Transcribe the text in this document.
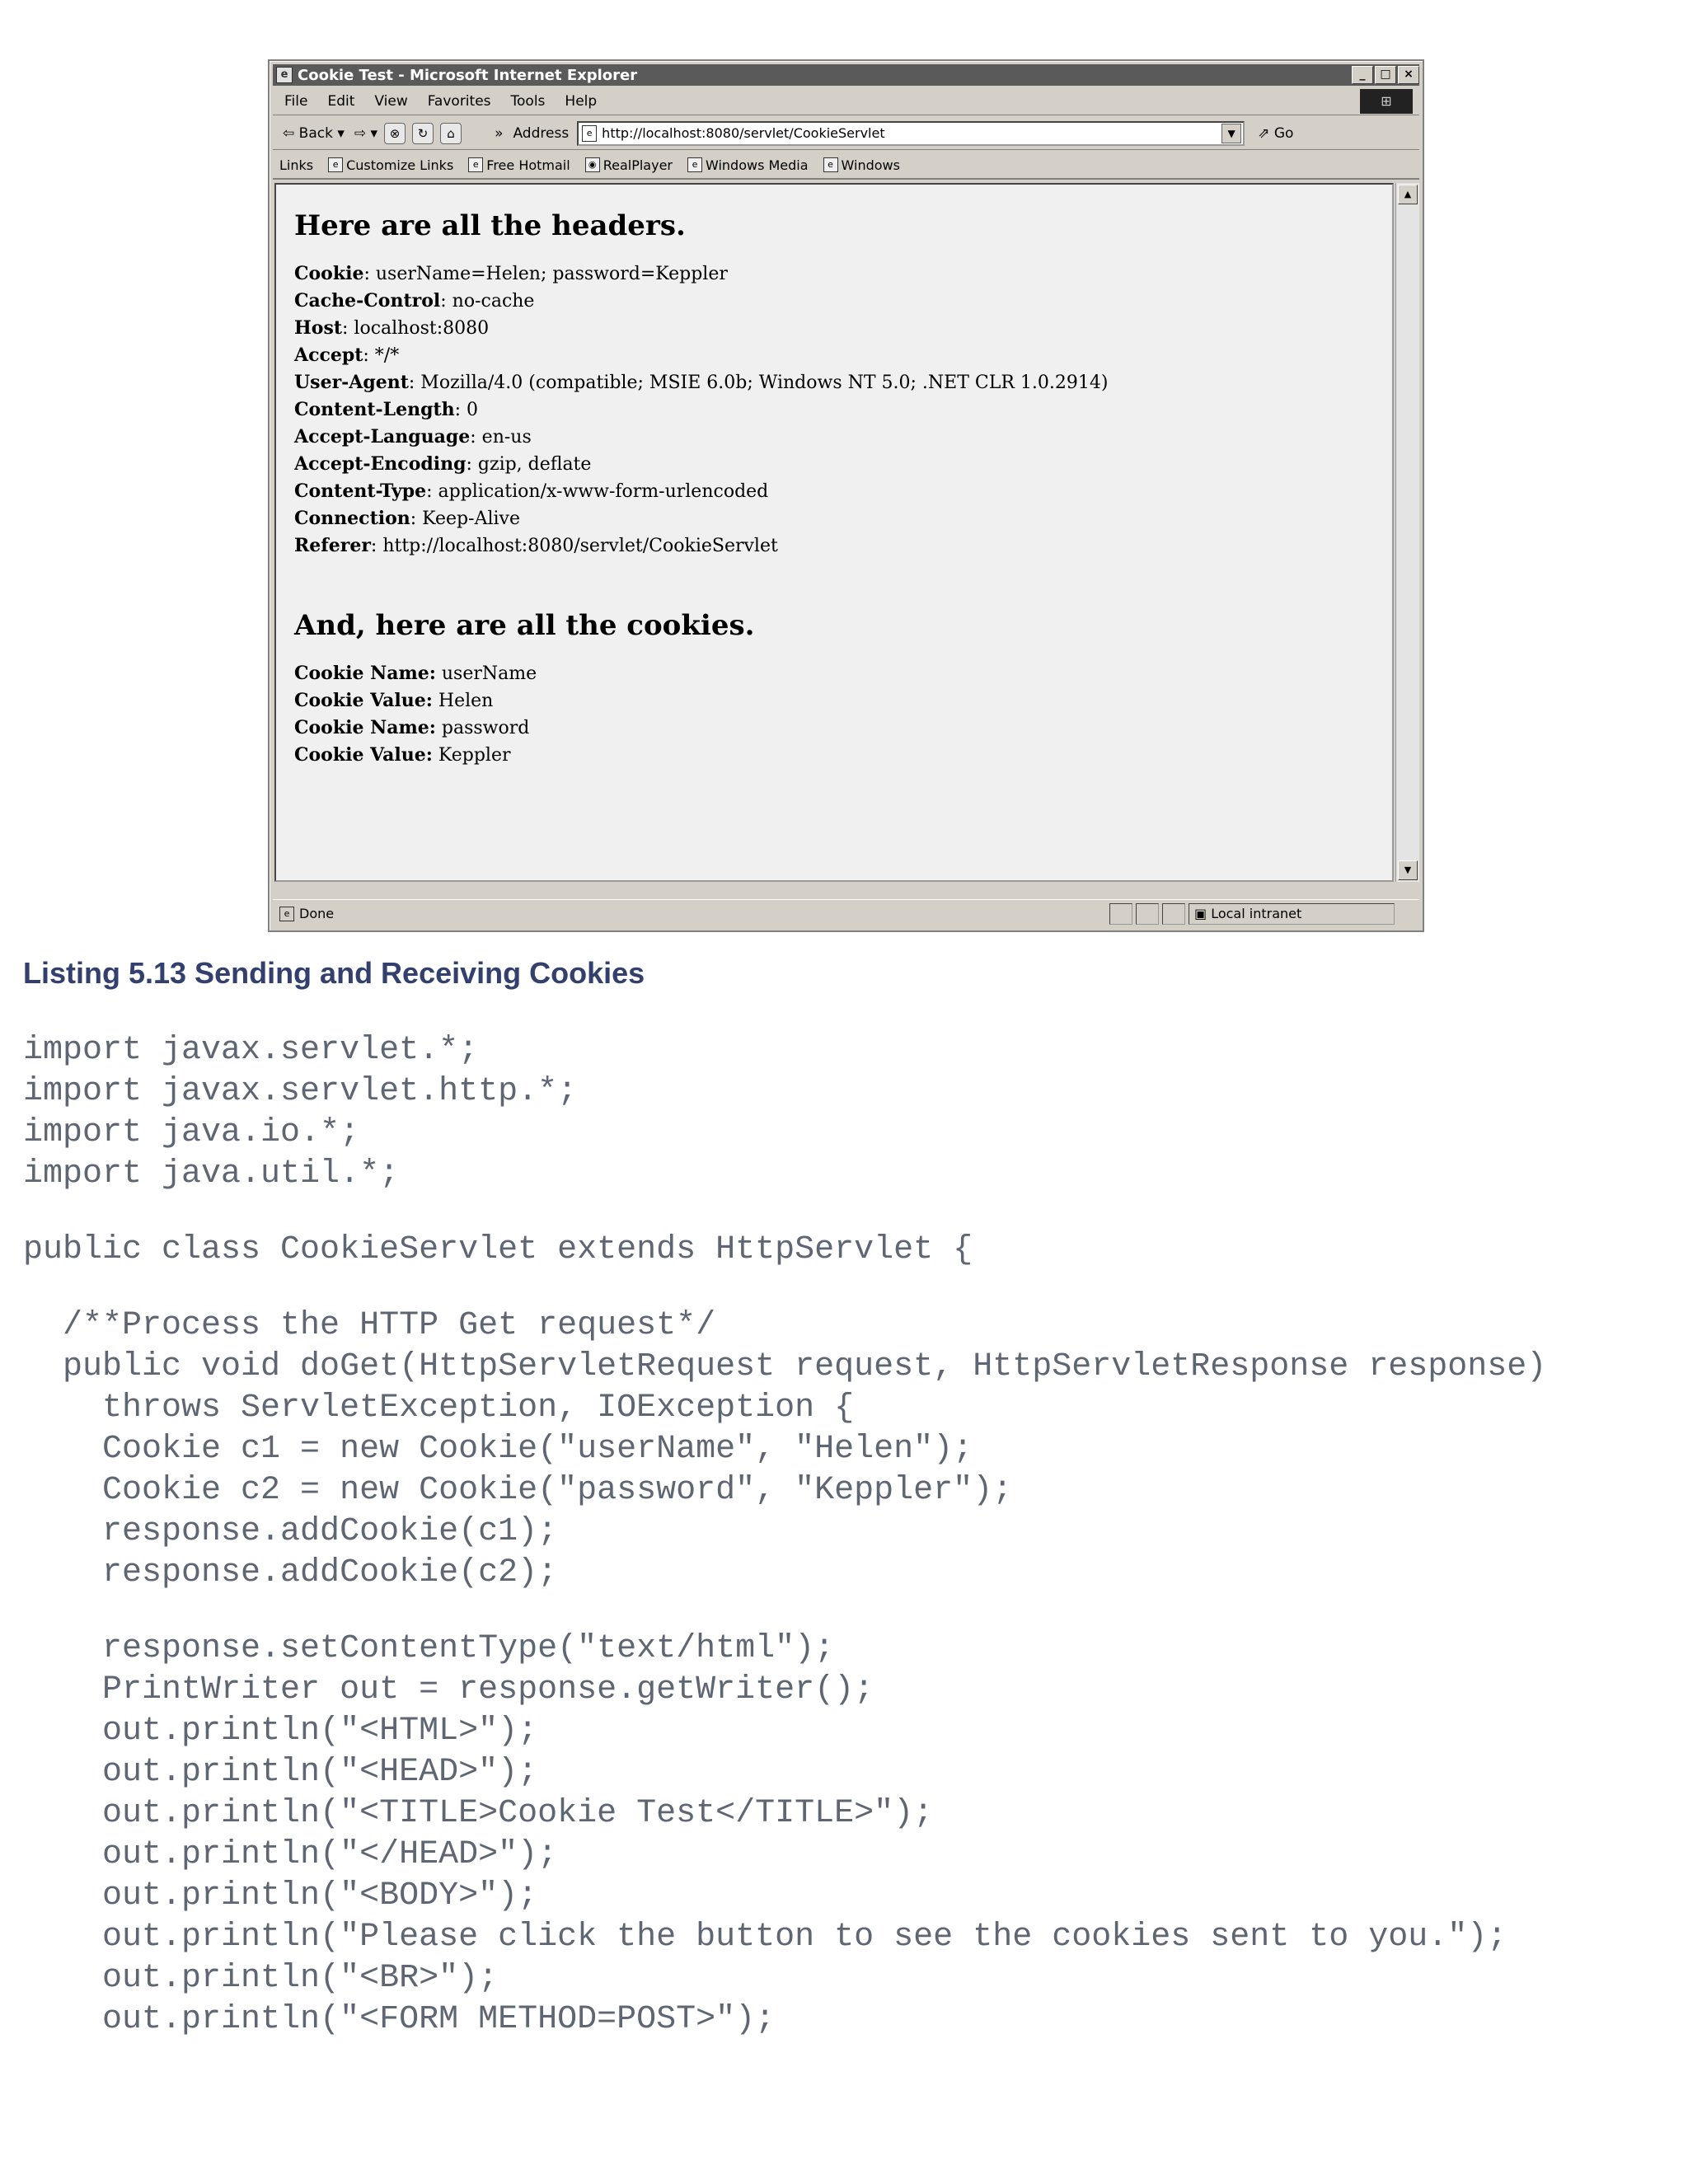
e Cookie Test - Microsoft Internet Explorer	_	□	×
File Edit View Favorites Tools Help	⊞
⇦ Back ▾ ⇨ ▾ ⊗	↻	⌂	» Address	e http://localhost:8080/servlet/CookieServlet	▼	⇗ Go
Links	e Customize Links	e Free Hotmail	◉ RealPlayer	e Windows Media	e Windows
Here are all the headers.
Cookie: userName=Helen; password=Keppler
Cache-Control: no-cache
Host: localhost:8080
Accept: */*
User-Agent: Mozilla/4.0 (compatible; MSIE 6.0b; Windows NT 5.0; .NET CLR 1.0.2914)
Content-Length: 0
Accept-Language: en-us
Accept-Encoding: gzip, deflate
Content-Type: application/x-www-form-urlencoded
Connection: Keep-Alive
Referer: http://localhost:8080/servlet/CookieServlet
And, here are all the cookies.
Cookie Name: userName
Cookie Value: Helen
Cookie Name: password
Cookie Value: Keppler
▲
▼
e Done	▣ Local intranet
Listing 5.13 Sending and Receiving Cookies
import javax.servlet.*;
import javax.servlet.http.*;
import java.io.*;
import java.util.*;
public class CookieServlet extends HttpServlet {
/**Process the HTTP Get request*/
public void doGet(HttpServletRequest request, HttpServletResponse response)
throws ServletException, IOException {
Cookie c1 = new Cookie("userName", "Helen");
Cookie c2 = new Cookie("password", "Keppler");
response.addCookie(c1);
response.addCookie(c2);
response.setContentType("text/html");
PrintWriter out = response.getWriter();
out.println("<HTML>");
out.println("<HEAD>");
out.println("<TITLE>Cookie Test</TITLE>");
out.println("</HEAD>");
out.println("<BODY>");
out.println("Please click the button to see the cookies sent to you.");
out.println("<BR>");
out.println("<FORM METHOD=POST>");
